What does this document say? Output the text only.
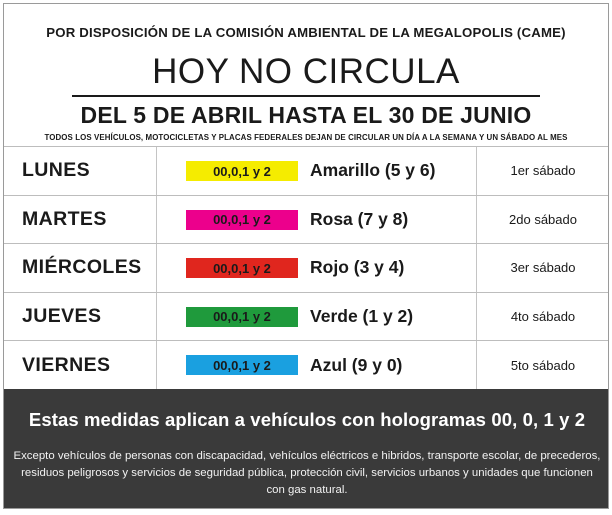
POR DISPOSICIÓN DE LA COMISIÓN AMBIENTAL DE LA MEGALOPOLIS (CAME)
HOY NO CIRCULA
DEL 5 DE ABRIL HASTA EL 30 DE JUNIO
TODOS LOS VEHÍCULOS, MOTOCICLETAS Y PLACAS FEDERALES DEJAN DE CIRCULAR UN DÍA A LA SEMANA Y UN SÁBADO AL MES
LUNES	00,0,1 y 2	Amarillo (5 y 6)	1er sábado
MARTES	00,0,1 y 2	Rosa (7 y 8)	2do sábado
MIÉRCOLES	00,0,1 y 2	Rojo (3 y 4)	3er sábado
JUEVES	00,0,1 y 2	Verde (1 y 2)	4to sábado
VIERNES	00,0,1 y 2	Azul (9 y 0)	5to sábado
Estas medidas aplican a vehículos con hologramas 00, 0, 1 y 2
Excepto vehículos de personas con discapacidad, vehículos eléctricos e hibridos, transporte escolar, de precederos, residuos peligrosos y servicios de seguridad pública, protección civil, servicios urbanos y unidades que funcionen con gas natural.
